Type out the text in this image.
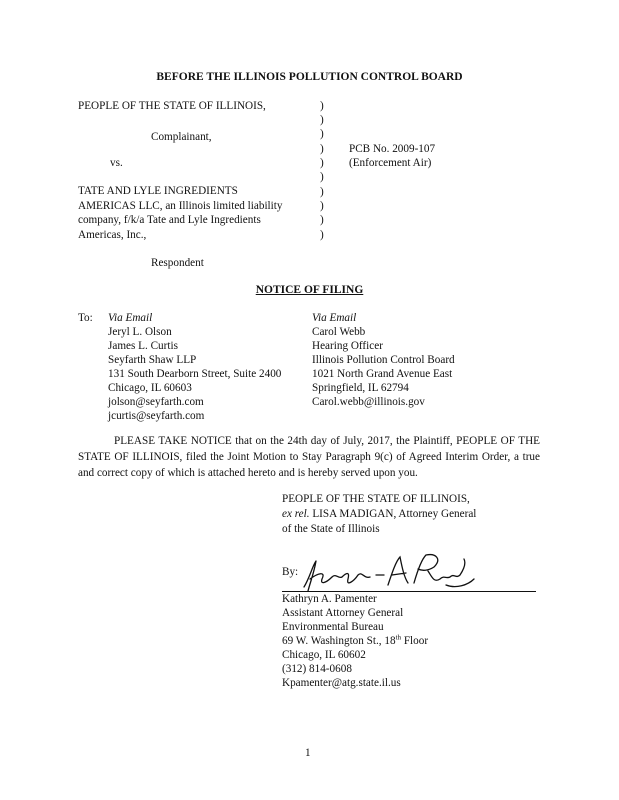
BEFORE THE ILLINOIS POLLUTION CONTROL BOARD
PEOPLE OF THE STATE OF ILLINOIS,
Complainant,
vs.
TATE AND LYLE INGREDIENTS
AMERICAS LLC, an Illinois limited liability
company, f/k/a Tate and Lyle Ingredients
Americas, Inc.,
Respondent
)
)
)
)
)
)
)
)
)
)
PCB No. 2009-107
(Enforcement Air)
NOTICE OF FILING
To: Via Email
Jeryl L. Olson
James L. Curtis
Seyfarth Shaw LLP
131 South Dearborn Street, Suite 2400
Chicago, IL 60603
jolson@seyfarth.com
jcurtis@seyfarth.com
Via Email
Carol Webb
Hearing Officer
Illinois Pollution Control Board
1021 North Grand Avenue East
Springfield, IL 62794
Carol.webb@illinois.gov

PLEASE TAKE NOTICE that on the 24th day of July, 2017, the Plaintiff, PEOPLE OF THE STATE OF ILLINOIS, filed the Joint Motion to Stay Paragraph 9(c) of Agreed Interim Order, a true and correct copy of which is attached hereto and is hereby served upon you.

PEOPLE OF THE STATE OF ILLINOIS,
ex rel. LISA MADIGAN, Attorney General
of the State of Illinois
By:
Kathryn A. Pamenter
Assistant Attorney General
Environmental Bureau
69 W. Washington St., 18th Floor
Chicago, IL 60602
(312) 814-0608
Kpamenter@atg.state.il.us
1
